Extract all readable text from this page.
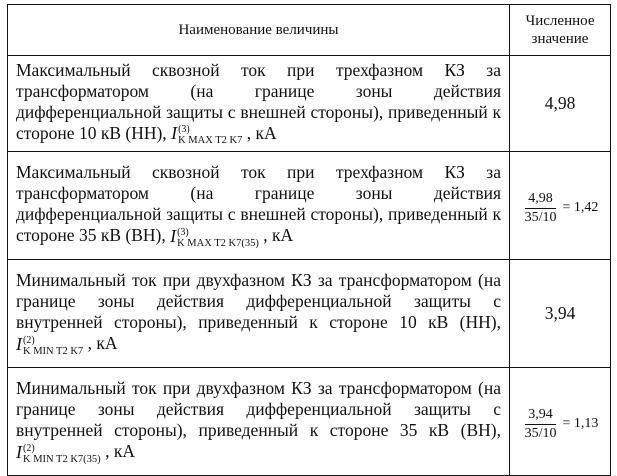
Наименование величины	Численное
значение

Максимальный сквозной ток при трехфазном КЗ за трансформатором (на границе зоны действия дифференциальной защиты с внешней стороны), приведенный к стороне 10 кВ (НН), I (3)
K MAX T2 K7 , кА	4,98
Максимальный сквозной ток при трехфазном КЗ за трансформатором (на границе зоны действия дифференциальной защиты с внешней стороны), приведенный к стороне 35 кВ (ВН), I (3)
K MAX T2 K7(35) , кА	$\frac{4,98}{35/10} = 1,42$

Минимальный ток при двухфазном КЗ за трансформатором (на границе зоны действия дифференциальной защиты с внутренней стороны), приведенный к стороне 10 кВ (НН), I (2)
K MIN T2 K7 , кА	3,94
Минимальный ток при двухфазном КЗ за трансформатором (на границе зоны действия дифференциальной защиты с внутренней стороны), приведенный к стороне 35 кВ (ВН), I (2)
K MIN T2 K7(35) , кА	$\frac{3,94}{35/10} = 1,13$
